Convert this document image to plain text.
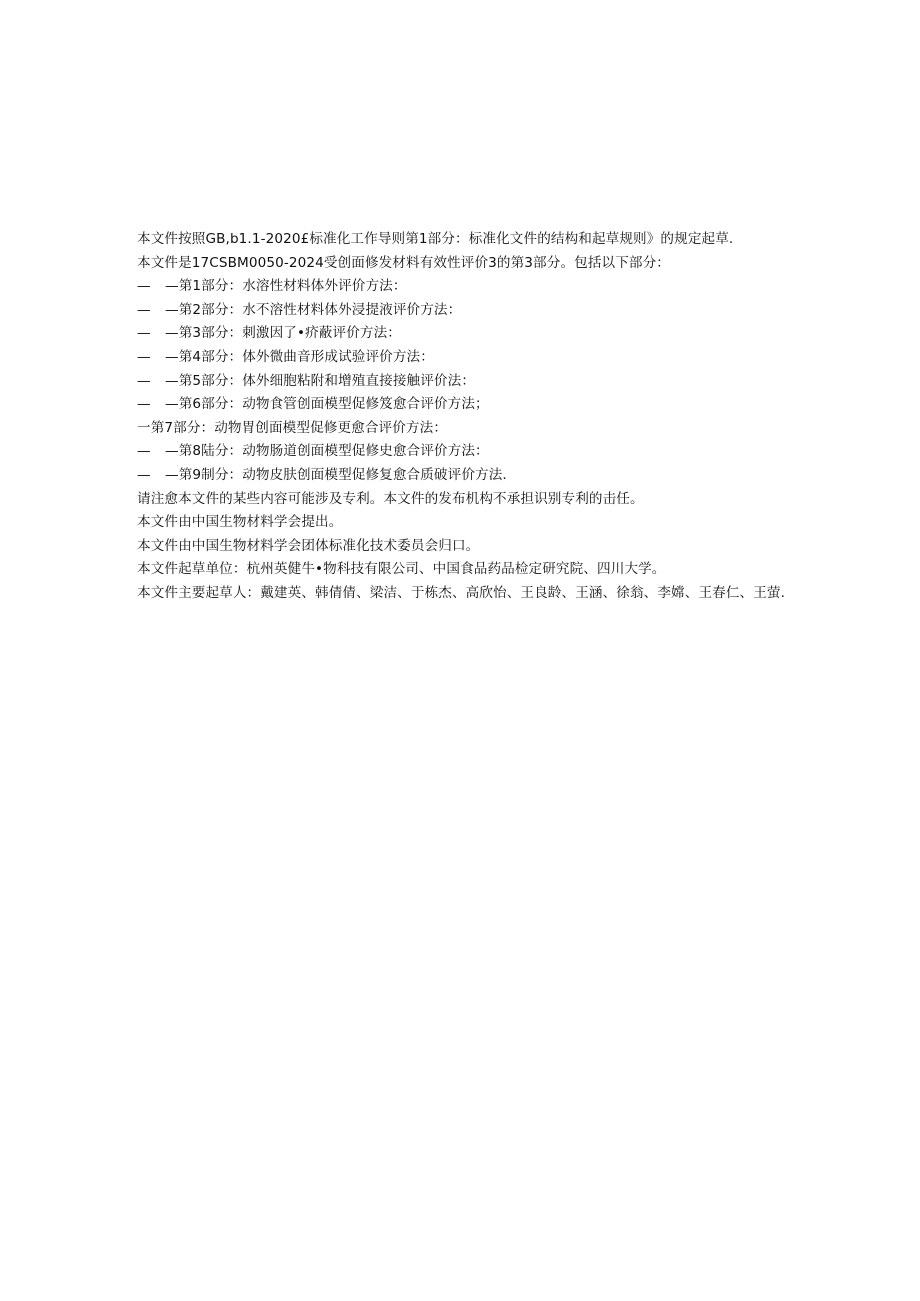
本文件按照GB,b1.1-2020£标准化工作导则第1部分：标准化文件的结构和起草规则》的规定起草.
本文件是17CSBM0050-2024受创面修发材料有效性评价3的第3部分。包括以下部分：
—	—第1部分：水溶性材料体外评价方法：
—	—第2部分：水不溶性材料体外浸提液评价方法：
—	—第3部分：刺激因了•疥蔽评价方法：
—	—第4部分：体外微曲音形成试验评价方法：
—	—第5部分：体外细胞粘附和增殖直接接触评价法：
—	—第6部分：动物食管创面模型促修笈愈合评价方法；
一第7部分：动物胃创面模型促修更愈合评价方法：
—	—第8陆分：动物肠道创面模型促修史愈合评价方法：
—	—第9制分：动物皮肤创面模型促修复愈合质破评价方法.
请注愈本文件的某些内容可能涉及专利。本文件的发布机构不承担识别专利的击任。
本文件由中国生物材料学会提出。
本文件由中国生物材料学会团体标准化技术委员会归口。
本文件起草单位：杭州英健牛•物科技有限公司、中国食品药品检定研究院、四川大学。
本文件主要起草人：戴建英、韩倩倩、梁洁、于栋杰、高欣怡、王良龄、王涵、徐翁、李嫦、王春仁、王萤.
